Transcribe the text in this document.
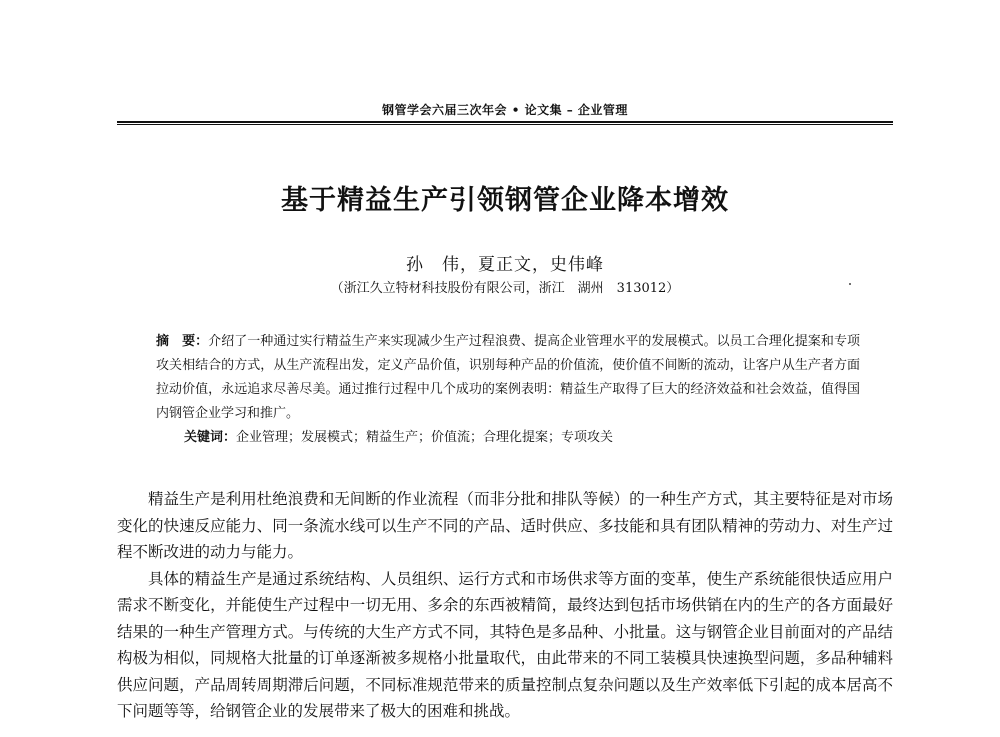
钢管学会六届三次年会 • 论文集 – 企业管理
基于精益生产引领钢管企业降本增效
孙　伟，夏正文，史伟峰
（浙江久立特材科技股份有限公司，浙江　湖州　313012）
摘　要：介绍了一种通过实行精益生产来实现减少生产过程浪费、提高企业管理水平的发展模式。以员工合理化提案和专项攻关相结合的方式，从生产流程出发，定义产品价值，识别每种产品的价值流，使价值不间断的流动，让客户从生产者方面拉动价值，永远追求尽善尽美。通过推行过程中几个成功的案例表明：精益生产取得了巨大的经济效益和社会效益，值得国内钢管企业学习和推广。
关键词：企业管理；发展模式；精益生产；价值流；合理化提案；专项攻关

精益生产是利用杜绝浪费和无间断的作业流程（而非分批和排队等候）的一种生产方式，其主要特征是对市场变化的快速反应能力、同一条流水线可以生产不同的产品、适时供应、多技能和具有团队精神的劳动力、对生产过程不断改进的动力与能力。

具体的精益生产是通过系统结构、人员组织、运行方式和市场供求等方面的变革，使生产系统能很快适应用户需求不断变化，并能使生产过程中一切无用、多余的东西被精简，最终达到包括市场供销在内的生产的各方面最好结果的一种生产管理方式。与传统的大生产方式不同，其特色是多品种、小批量。这与钢管企业目前面对的产品结构极为相似，同规格大批量的订单逐渐被多规格小批量取代，由此带来的不同工装模具快速换型问题，多品种辅料供应问题，产品周转周期滞后问题，不同标准规范带来的质量控制点复杂问题以及生产效率低下引起的成本居高不下问题等等，给钢管企业的发展带来了极大的困难和挑战。
